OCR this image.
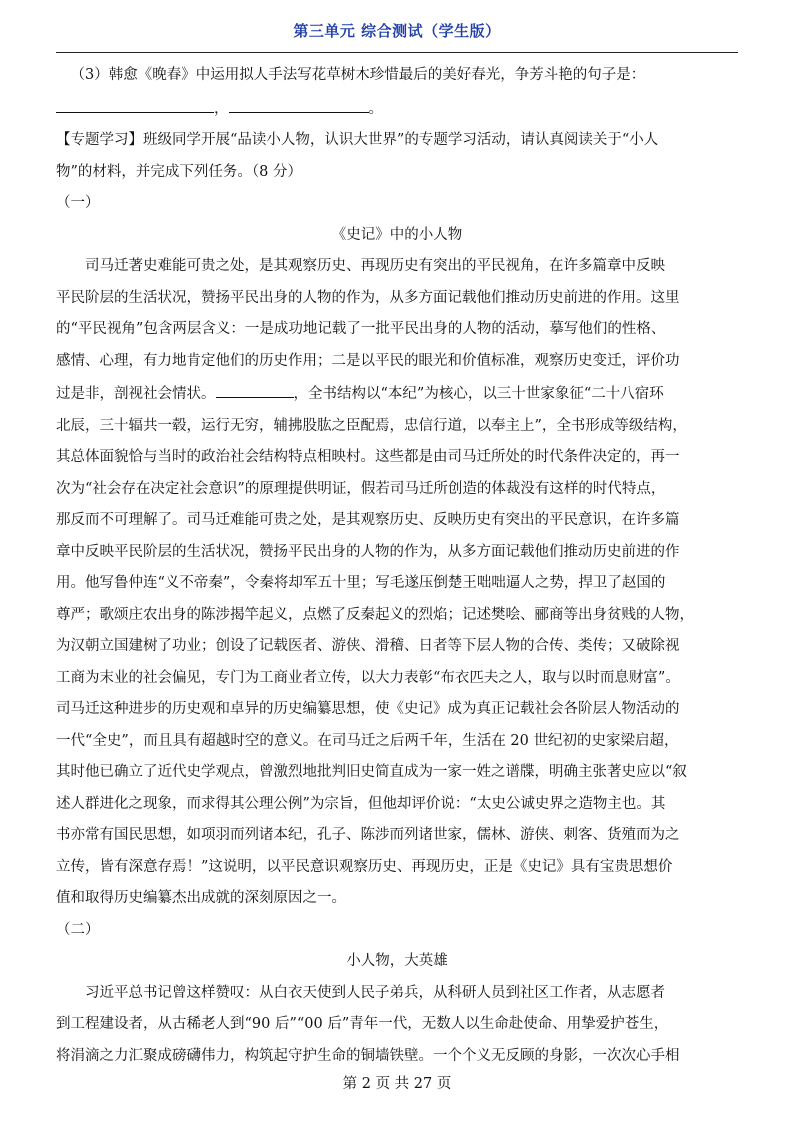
第三单元 综合测试（学生版）

（3）韩愈《晚春》中运用拟人手法写花草树木珍惜最后的美好春光，争芳斗艳的句子是：

，	。

【专题学习】班级同学开展“品读小人物，认识大世界”的专题学习活动，请认真阅读关于“小人
物”的材料，并完成下列任务。（8 分）

（一）

《史记》中的小人物

司马迁著史难能可贵之处，是其观察历史、再现历史有突出的平民视角，在许多篇章中反映
平民阶层的生活状况，赞扬平民出身的人物的作为，从多方面记载他们推动历史前进的作用。这里
的“平民视角”包含两层含义：一是成功地记载了一批平民出身的人物的活动，摹写他们的性格、
感情、心理，有力地肯定他们的历史作用；二是以平民的眼光和价值标准，观察历史变迁，评价功
过是非，剖视社会情状。	，全书结构以“本纪”为核心，以三十世家象征“二十八宿环
北辰，三十辐共一毂，运行无穷，辅拂股肱之臣配焉，忠信行道，以奉主上”，全书形成等级结构，
其总体面貌恰与当时的政治社会结构特点相映村。这些都是由司马迁所处的时代条件决定的，再一
次为“社会存在决定社会意识”的原理提供明证，假若司马迁所创造的体裁没有这样的时代特点，
那反而不可理解了。司马迁难能可贵之处，是其观察历史、反映历史有突出的平民意识，在许多篇
章中反映平民阶层的生活状况，赞扬平民出身的人物的作为，从多方面记载他们推动历史前进的作
用。他写鲁仲连“义不帝秦”，令秦将却军五十里；写毛遂压倒楚王咄咄逼人之势，捍卫了赵国的
尊严；歌颂庄农出身的陈涉揭竿起义，点燃了反秦起义的烈焰；记述樊哙、郦商等出身贫贱的人物，
为汉朝立国建树了功业；创设了记载医者、游侠、滑稽、日者等下层人物的合传、类传；又破除视
工商为末业的社会偏见，专门为工商业者立传，以大力表彰“布衣匹夫之人，取与以时而息财富”。
司马迁这种进步的历史观和卓异的历史编纂思想，使《史记》成为真正记载社会各阶层人物活动的
一代“全史”，而且具有超越时空的意义。在司马迁之后两千年，生活在 20 世纪初的史家梁启超，
其时他已确立了近代史学观点，曾激烈地批判旧史简直成为一家一姓之谱牒，明确主张著史应以“叙
述人群进化之现象，而求得其公理公例”为宗旨，但他却评价说：“太史公诚史界之造物主也。其
书亦常有国民思想，如项羽而列诸本纪，孔子、陈涉而列诸世家，儒林、游侠、刺客、货殖而为之
立传，皆有深意存焉！”这说明，以平民意识观察历史、再现历史，正是《史记》具有宝贵思想价
值和取得历史编纂杰出成就的深刻原因之一。

（二）

小人物，大英雄

习近平总书记曾这样赞叹：从白衣天使到人民子弟兵，从科研人员到社区工作者，从志愿者
到工程建设者，从古稀老人到“90 后”“00 后”青年一代，无数人以生命赴使命、用挚爱护苍生，
将涓滴之力汇聚成磅礴伟力，构筑起守护生命的铜墙铁壁。一个个义无反顾的身影，一次次心手相
第 2 页 共 27 页
